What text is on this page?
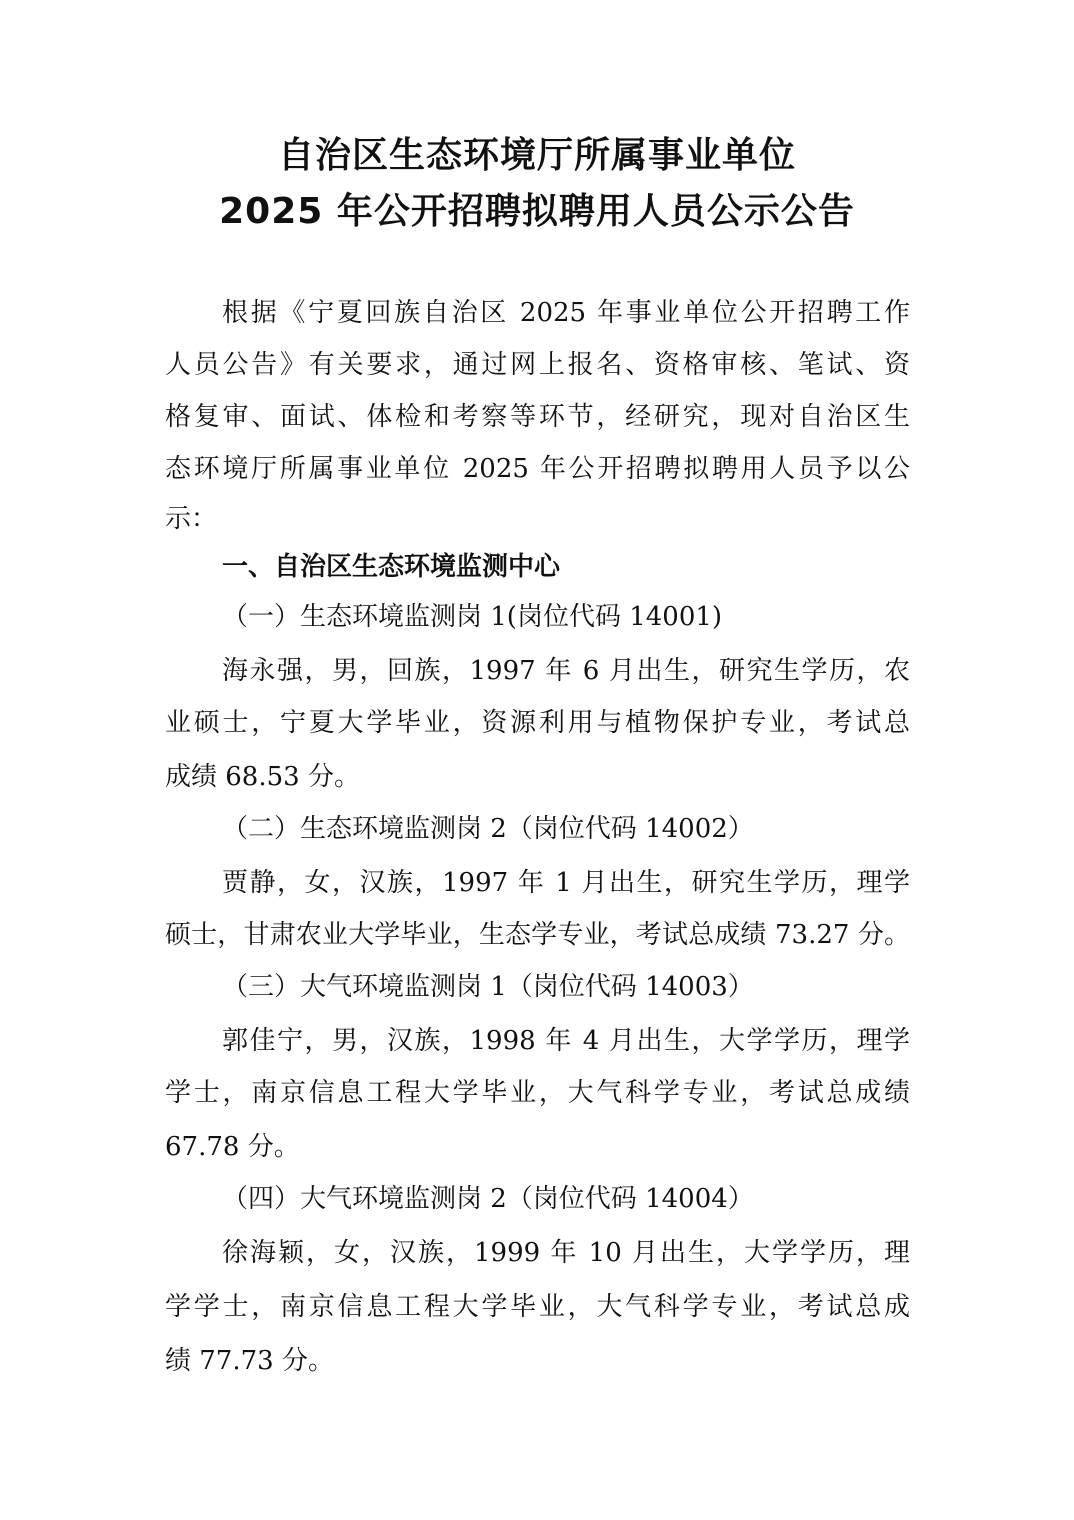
自治区生态环境厅所属事业单位
2025 年公开招聘拟聘用人员公示公告
根据《宁夏回族自治区 2025 年事业单位公开招聘工作
人员公告》有关要求，通过网上报名、资格审核、笔试、资
格复审、面试、体检和考察等环节，经研究，现对自治区生
态环境厅所属事业单位 2025 年公开招聘拟聘用人员予以公
示：
一、自治区生态环境监测中心
（一）生态环境监测岗 1(岗位代码 14001)
海永强，男，回族，1997 年 6 月出生，研究生学历，农
业硕士，宁夏大学毕业，资源利用与植物保护专业，考试总
成绩 68.53 分。
（二）生态环境监测岗 2（岗位代码 14002）
贾静，女，汉族，1997 年 1 月出生，研究生学历，理学
硕士，甘肃农业大学毕业，生态学专业，考试总成绩 73.27 分。
（三）大气环境监测岗 1（岗位代码 14003）
郭佳宁，男，汉族，1998 年 4 月出生，大学学历，理学
学士，南京信息工程大学毕业，大气科学专业，考试总成绩
67.78 分。
（四）大气环境监测岗 2（岗位代码 14004）
徐海颖，女，汉族，1999 年 10 月出生，大学学历，理
学学士，南京信息工程大学毕业，大气科学专业，考试总成
绩 77.73 分。
